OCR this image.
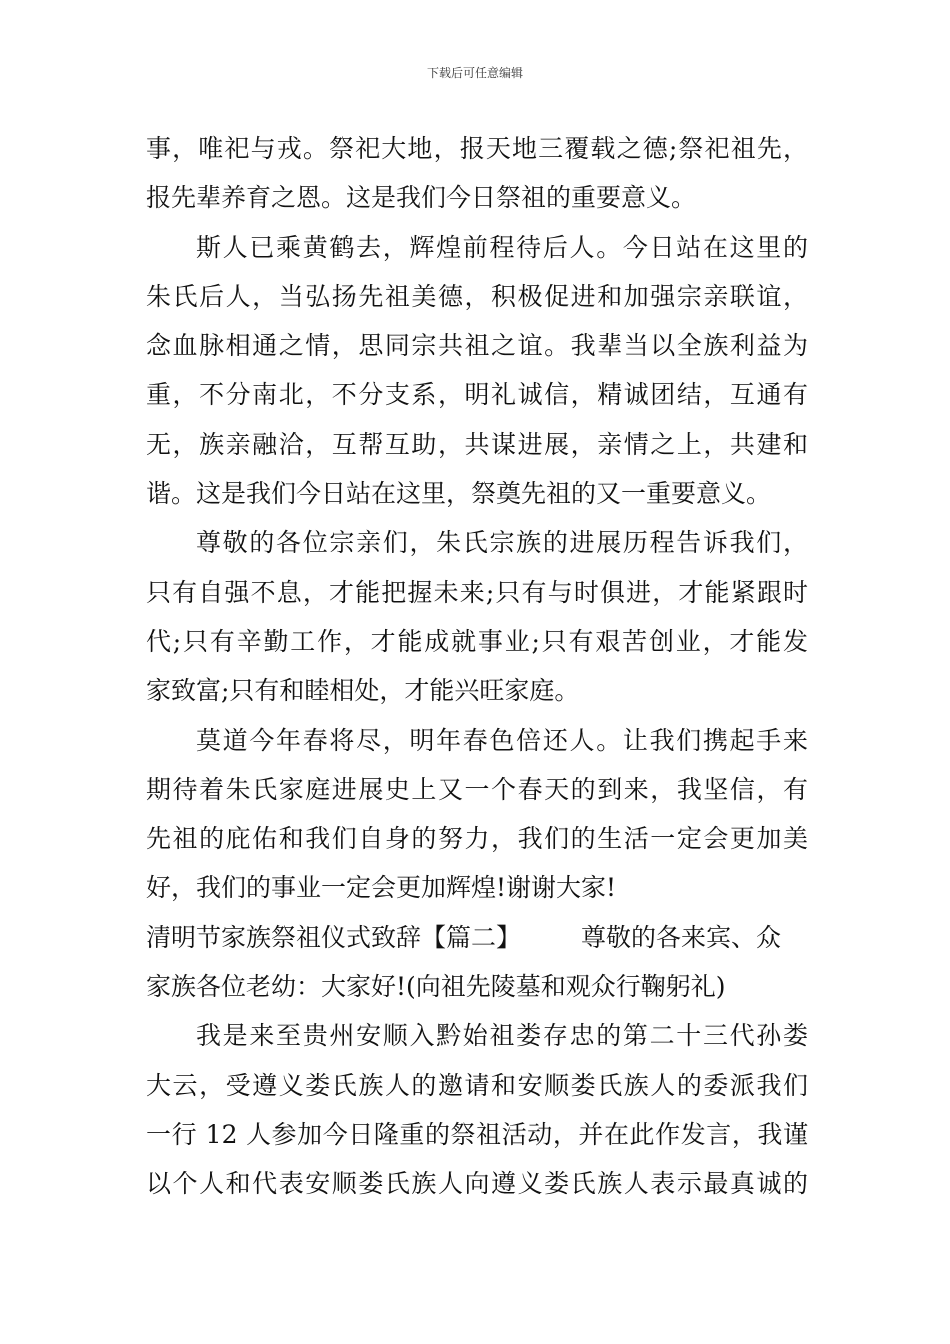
下载后可任意编辑
事，唯祀与戎。祭祀大地，报天地三覆载之德;祭祀祖先，
报先辈养育之恩。这是我们今日祭祖的重要意义。
斯人已乘黄鹤去，辉煌前程待后人。今日站在这里的
朱氏后人，当弘扬先祖美德，积极促进和加强宗亲联谊，
念血脉相通之情，思同宗共祖之谊。我辈当以全族利益为
重，不分南北，不分支系，明礼诚信，精诚团结，互通有
无，族亲融洽，互帮互助，共谋进展，亲情之上，共建和
谐。这是我们今日站在这里，祭奠先祖的又一重要意义。
尊敬的各位宗亲们，朱氏宗族的进展历程告诉我们，
只有自强不息，才能把握未来;只有与时俱进，才能紧跟时
代;只有辛勤工作，才能成就事业;只有艰苦创业，才能发
家致富;只有和睦相处，才能兴旺家庭。
莫道今年春将尽，明年春色倍还人。让我们携起手来
期待着朱氏家庭进展史上又一个春天的到来，我坚信，有
先祖的庇佑和我们自身的努力，我们的生活一定会更加美
好，我们的事业一定会更加辉煌!谢谢大家!
清明节家族祭祖仪式致辞【篇二】 尊敬的各来宾、众
家族各位老幼：大家好!(向祖先陵墓和观众行鞠躬礼)
我是来至贵州安顺入黔始祖娄存忠的第二十三代孙娄
大云，受遵义娄氏族人的邀请和安顺娄氏族人的委派我们
一行 12 人参加今日隆重的祭祖活动，并在此作发言，我谨
以个人和代表安顺娄氏族人向遵义娄氏族人表示最真诚的
